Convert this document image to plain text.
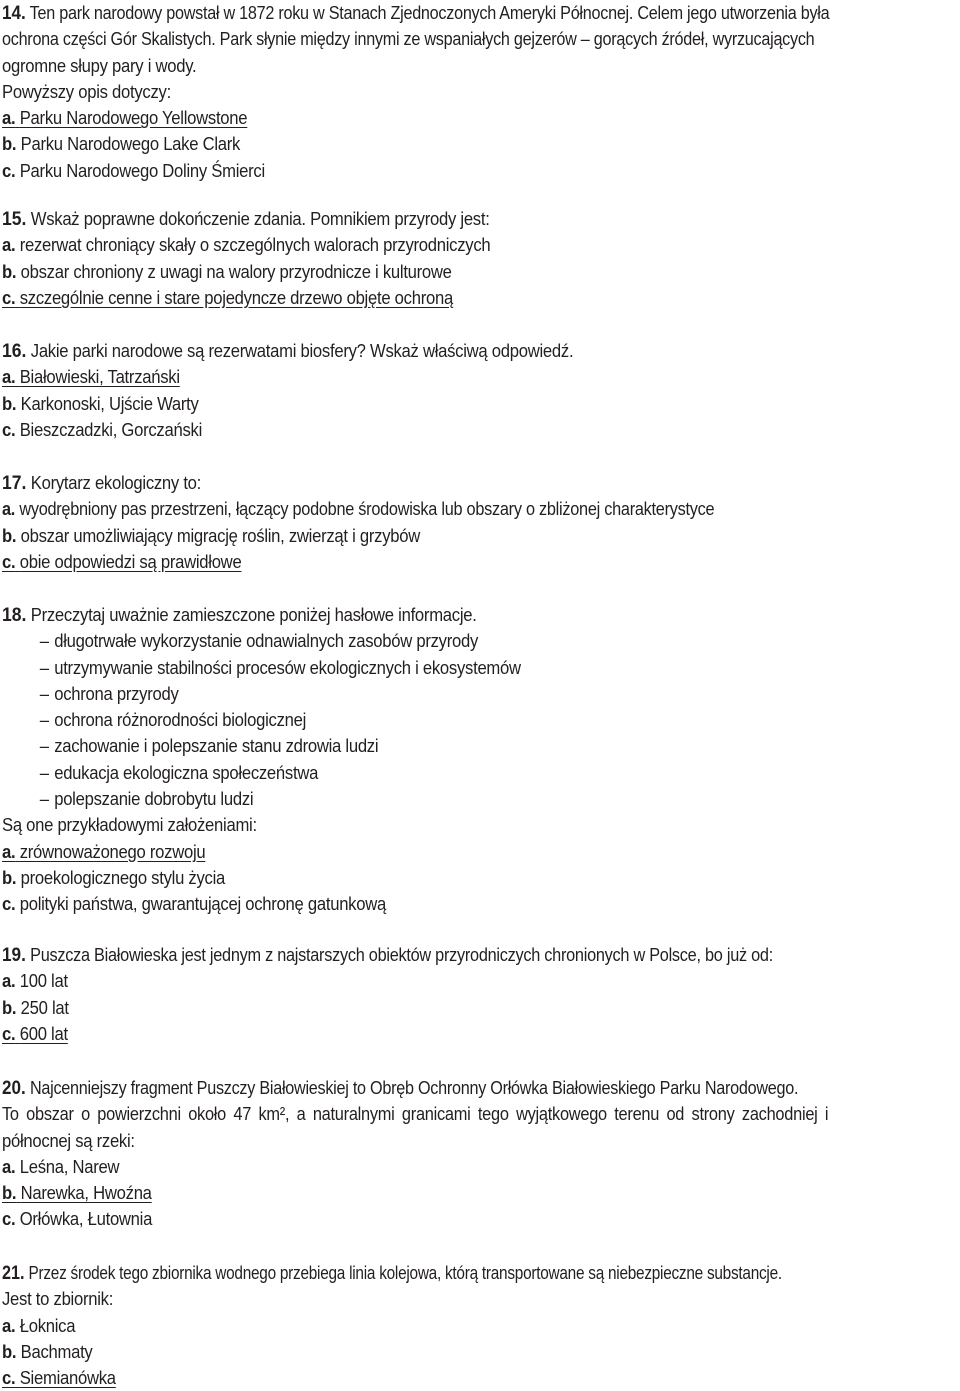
14. Ten park narodowy powstał w 1872 roku w Stanach Zjednoczonych Ameryki Północnej. Celem jego utworzenia była
ochrona części Gór Skalistych. Park słynie między innymi ze wspaniałych gejzerów – gorących źródeł, wyrzucających
ogromne słupy pary i wody.
Powyższy opis dotyczy:
a. Parku Narodowego Yellowstone
b. Parku Narodowego Lake Clark
c. Parku Narodowego Doliny Śmierci
15. Wskaż poprawne dokończenie zdania. Pomnikiem przyrody jest:
a. rezerwat chroniący skały o szczególnych walorach przyrodniczych
b. obszar chroniony z uwagi na walory przyrodnicze i kulturowe
c. szczególnie cenne i stare pojedyncze drzewo objęte ochroną
16. Jakie parki narodowe są rezerwatami biosfery? Wskaż właściwą odpowiedź.
a. Białowieski, Tatrzański
b. Karkonoski, Ujście Warty
c. Bieszczadzki, Gorczański
17. Korytarz ekologiczny to:
a. wyodrębniony pas przestrzeni, łączący podobne środowiska lub obszary o zbliżonej charakterystyce
b. obszar umożliwiający migrację roślin, zwierząt i grzybów
c. obie odpowiedzi są prawidłowe
18. Przeczytaj uważnie zamieszczone poniżej hasłowe informacje.
– długotrwałe wykorzystanie odnawialnych zasobów przyrody
– utrzymywanie stabilności procesów ekologicznych i ekosystemów
– ochrona przyrody
– ochrona różnorodności biologicznej
– zachowanie i polepszanie stanu zdrowia ludzi
– edukacja ekologiczna społeczeństwa
– polepszanie dobrobytu ludzi
Są one przykładowymi założeniami:
a. zrównoważonego rozwoju
b. proekologicznego stylu życia
c. polityki państwa, gwarantującej ochronę gatunkową
19. Puszcza Białowieska jest jednym z najstarszych obiektów przyrodniczych chronionych w Polsce, bo już od:
a. 100 lat
b. 250 lat
c. 600 lat
20. Najcenniejszy fragment Puszczy Białowieskiej to Obręb Ochronny Orłówka Białowieskiego Parku Narodowego.
To obszar o powierzchni około 47 km², a naturalnymi granicami tego wyjątkowego terenu od strony zachodniej i
północnej są rzeki:
a. Leśna, Narew
b. Narewka, Hwoźna
c. Orłówka, Łutownia
21. Przez środek tego zbiornika wodnego przebiega linia kolejowa, którą transportowane są niebezpieczne substancje.
Jest to zbiornik:
a. Łoknica
b. Bachmaty
c. Siemianówka
